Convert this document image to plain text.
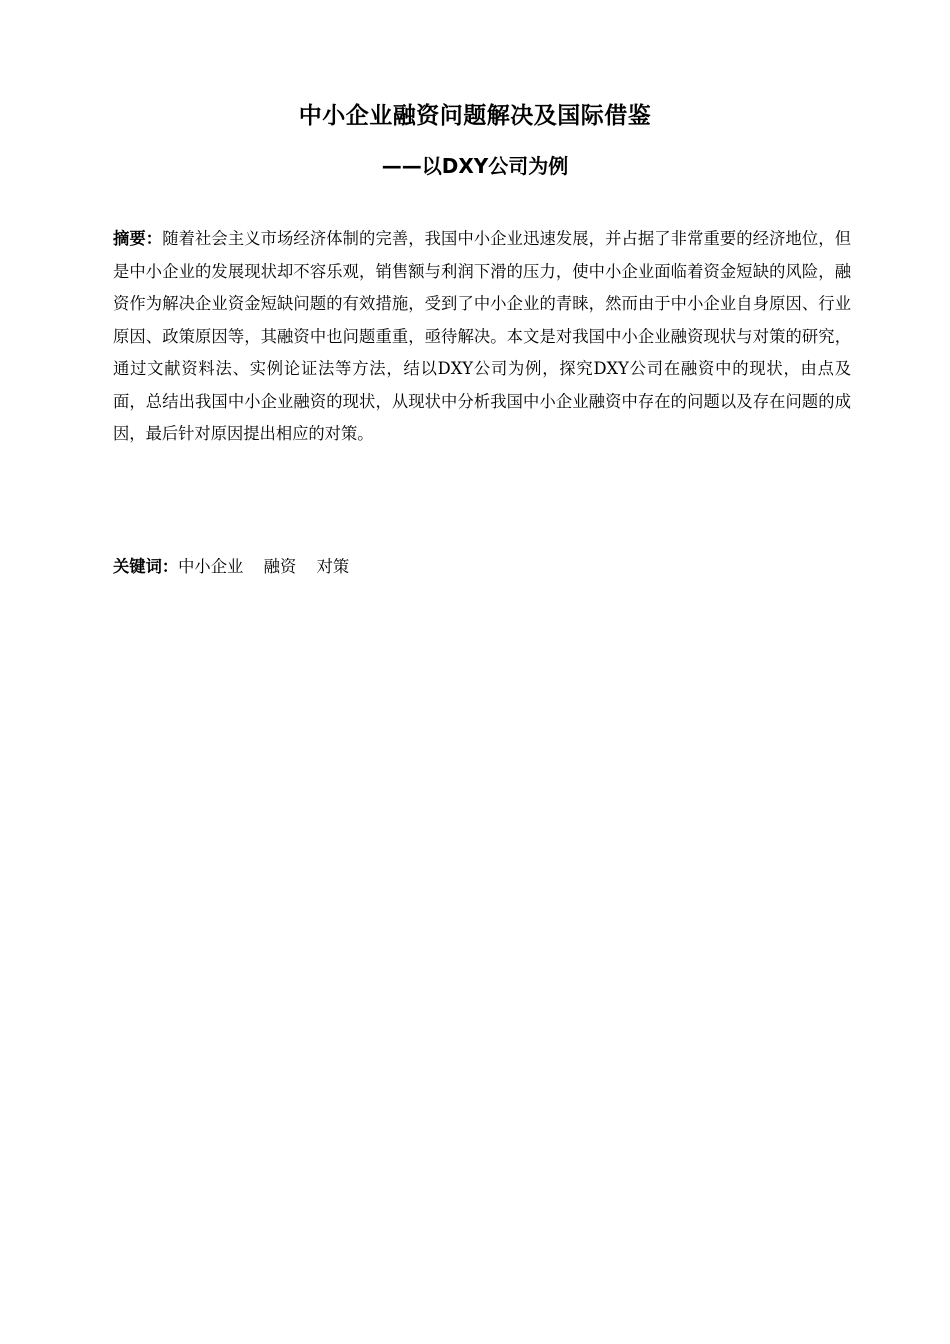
中小企业融资问题解决及国际借鉴
——以DXY公司为例
摘要：随着社会主义市场经济体制的完善，我国中小企业迅速发展，并占据了非常重要的经济地位，但是中小企业的发展现状却不容乐观，销售额与利润下滑的压力，使中小企业面临着资金短缺的风险，融资作为解决企业资金短缺问题的有效措施，受到了中小企业的青睐，然而由于中小企业自身原因、行业原因、政策原因等，其融资中也问题重重，亟待解决。本文是对我国中小企业融资现状与对策的研究，通过文献资料法、实例论证法等方法，结以DXY公司为例，探究DXY公司在融资中的现状，由点及面，总结出我国中小企业融资的现状，从现状中分析我国中小企业融资中存在的问题以及存在问题的成因，最后针对原因提出相应的对策。
关键词：中小企业 融资 对策
